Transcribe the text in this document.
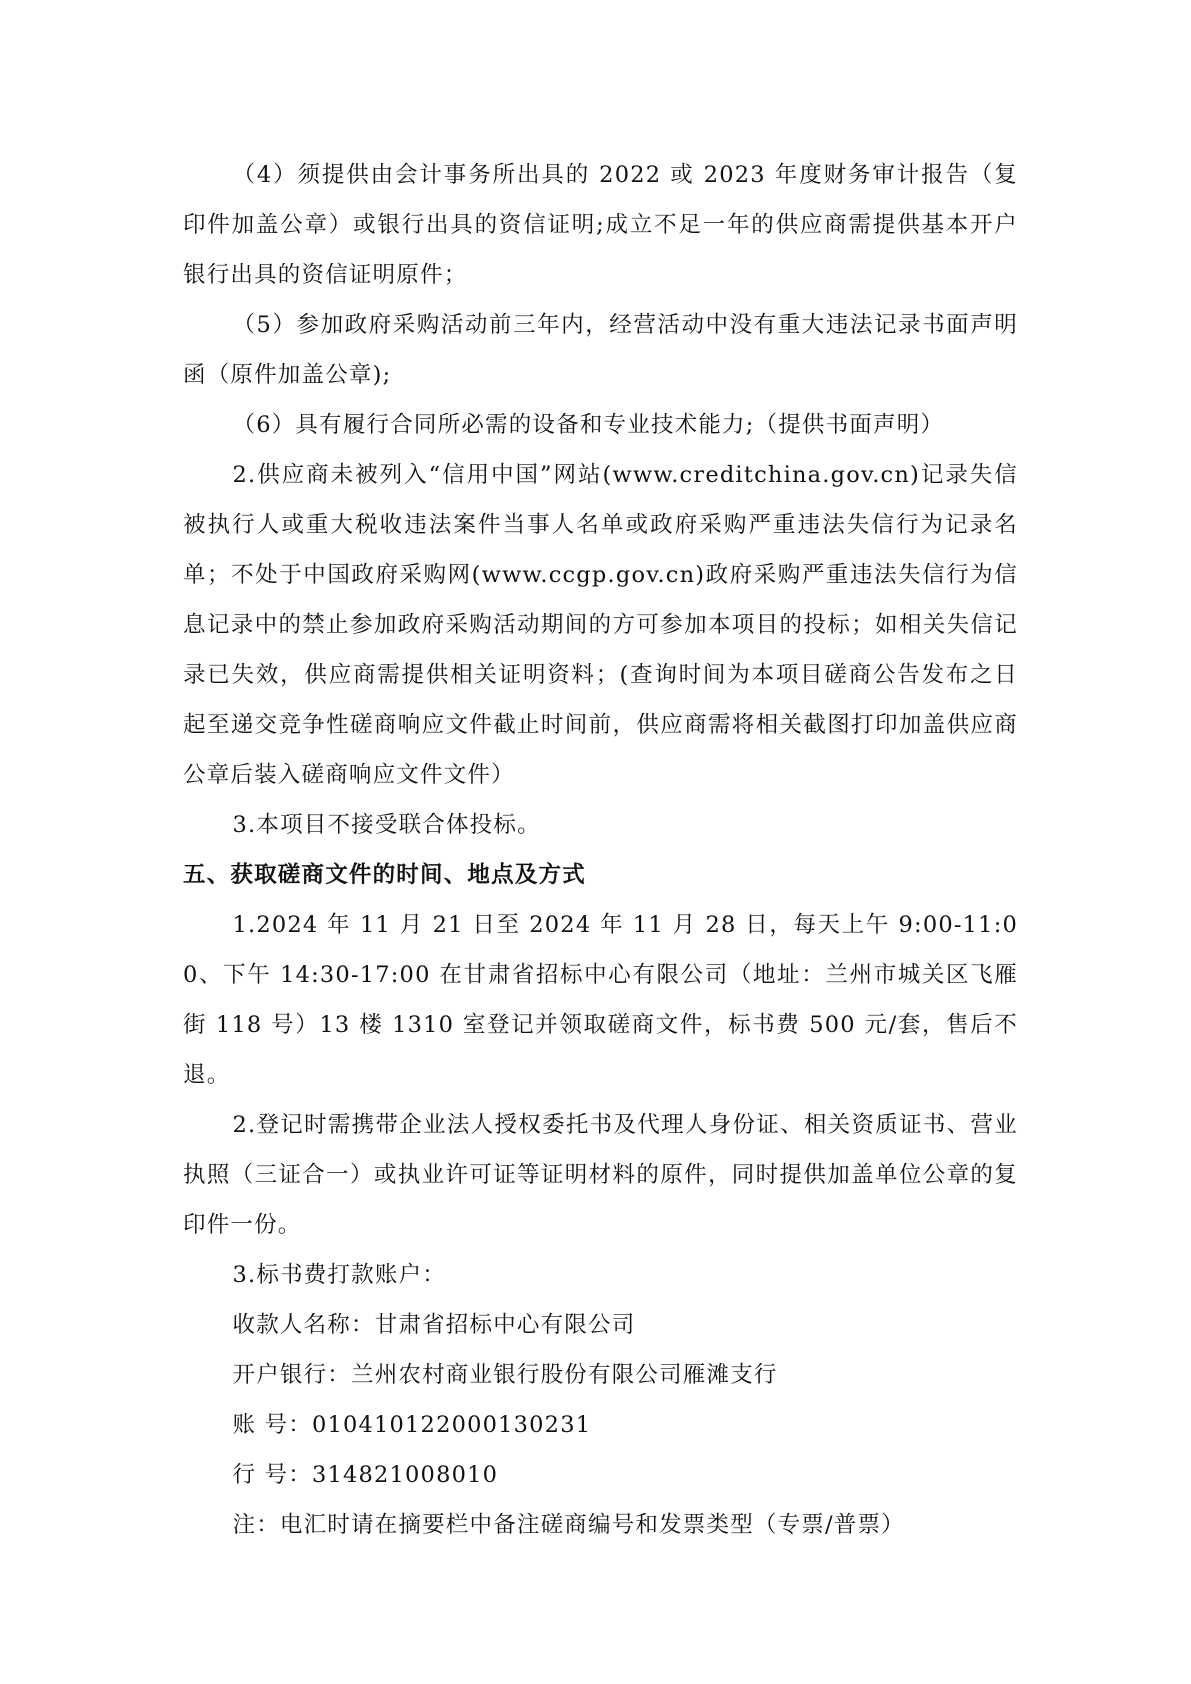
（4）须提供由会计事务所出具的 2022 或 2023 年度财务审计报告（复印件加盖公章）或银行出具的资信证明;成立不足一年的供应商需提供基本开户银行出具的资信证明原件；

（5）参加政府采购活动前三年内，经营活动中没有重大违法记录书面声明函（原件加盖公章);

（6）具有履行合同所必需的设备和专业技术能力;（提供书面声明）

2.供应商未被列入“信用中国”网站(www.creditchina.gov.cn)记录失信 被执行人或重大税收违法案件当事人名单或政府采购严重违法失信行为记录名单；不处于中国政府采购网(www.ccgp.gov.cn)政府采购严重违法失信行为信息记录中的禁止参加政府采购活动期间的方可参加本项目的投标；如相关失信记录已失效，供应商需提供相关证明资料；(查询时间为本项目磋商公告发布之日起至递交竞争性磋商响应文件截止时间前，供应商需将相关截图打印加盖供应商公章后装入磋商响应文件文件）

3.本项目不接受联合体投标。

五、获取磋商文件的时间、地点及方式

1.2024 年 11 月 21 日至 2024 年 11 月 28 日，每天上午 9:00-11:00、下午 14:30-17:00 在甘肃省招标中心有限公司（地址：兰州市城关区飞雁街 118 号）13 楼 1310 室登记并领取磋商文件，标书费 500 元/套，售后不退。

2.登记时需携带企业法人授权委托书及代理人身份证、相关资质证书、营业执照（三证合一）或执业许可证等证明材料的原件，同时提供加盖单位公章的复印件一份。

3.标书费打款账户：

收款人名称：甘肃省招标中心有限公司

开户银行：兰州农村商业银行股份有限公司雁滩支行

账 号：010410122000130231

行 号：314821008010

注：电汇时请在摘要栏中备注磋商编号和发票类型（专票/普票）
